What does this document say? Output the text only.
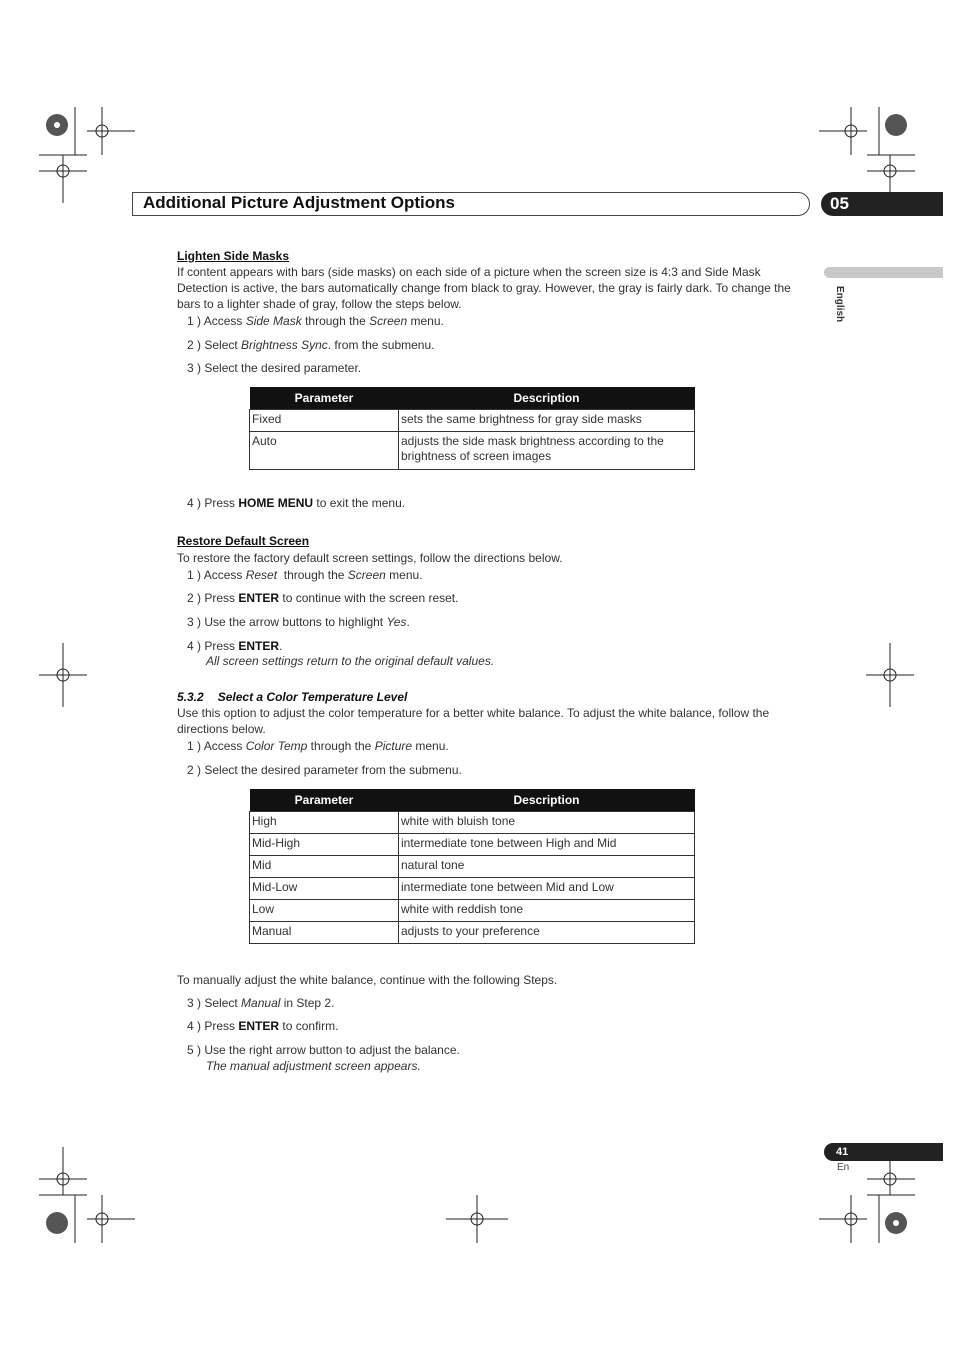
Additional Picture Adjustment Options	05
English
Lighten Side Masks
If content appears with bars (side masks) on each side of a picture when the screen size is 4:3 and Side Mask Detection is active, the bars automatically change from black to gray. However, the gray is fairly dark. To change the bars to a lighter shade of gray, follow the steps below.
1 ) Access Side Mask through the Screen menu.
2 ) Select Brightness Sync. from the submenu.
3 ) Select the desired parameter.
Parameter	Description
Fixed	sets the same brightness for gray side masks
Auto	adjusts the side mask brightness according to the brightness of screen images
4 ) Press HOME MENU to exit the menu.
Restore Default Screen
To restore the factory default screen settings, follow the directions below.
1 ) Access Reset  through the Screen menu.
2 ) Press ENTER to continue with the screen reset.
3 ) Use the arrow buttons to highlight Yes.
4 ) Press ENTER.
All screen settings return to the original default values.
5.3.2 Select a Color Temperature Level
Use this option to adjust the color temperature for a better white balance. To adjust the white balance, follow the directions below.
1 ) Access Color Temp through the Picture menu.
2 ) Select the desired parameter from the submenu.
Parameter	Description
High	white with bluish tone
Mid-High	intermediate tone between High and Mid
Mid	natural tone
Mid-Low	intermediate tone between Mid and Low
Low	white with reddish tone
Manual	adjusts to your preference
To manually adjust the white balance, continue with the following Steps.
3 ) Select Manual in Step 2.
4 ) Press ENTER to confirm.
5 ) Use the right arrow button to adjust the balance.
The manual adjustment screen appears.
41
En
